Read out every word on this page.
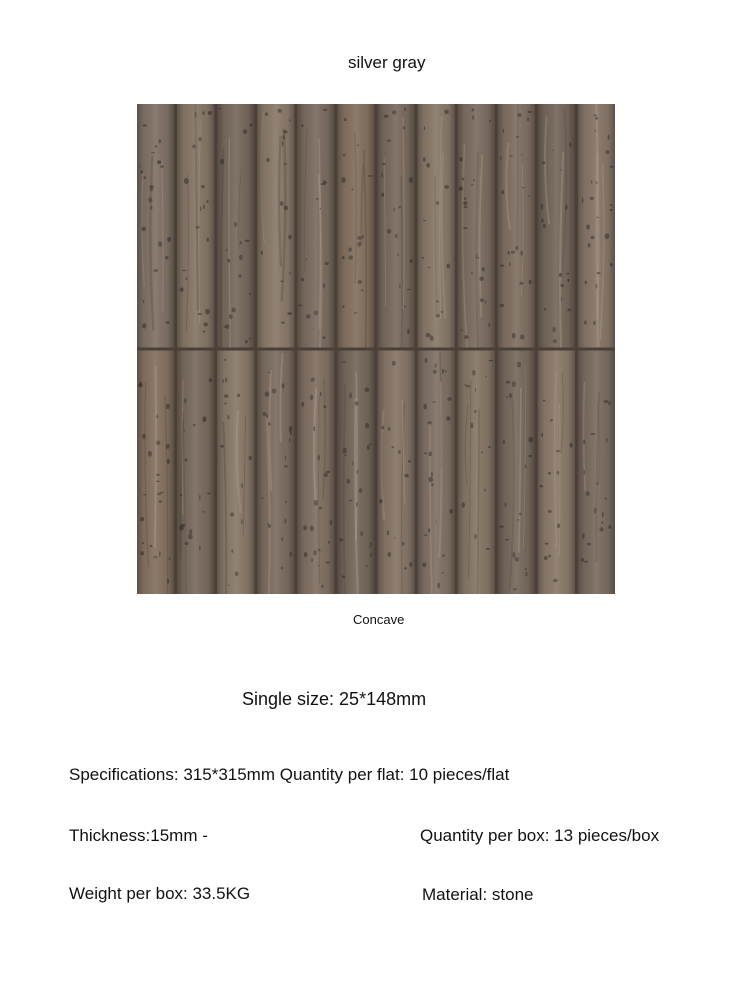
silver gray
Concave
Single size: 25*148mm
Specifications: 315*315mm Quantity per flat: 10 pieces/flat
Thickness:15mm -	Quantity per box: 13 pieces/box
Weight per box: 33.5KG	Material: stone
